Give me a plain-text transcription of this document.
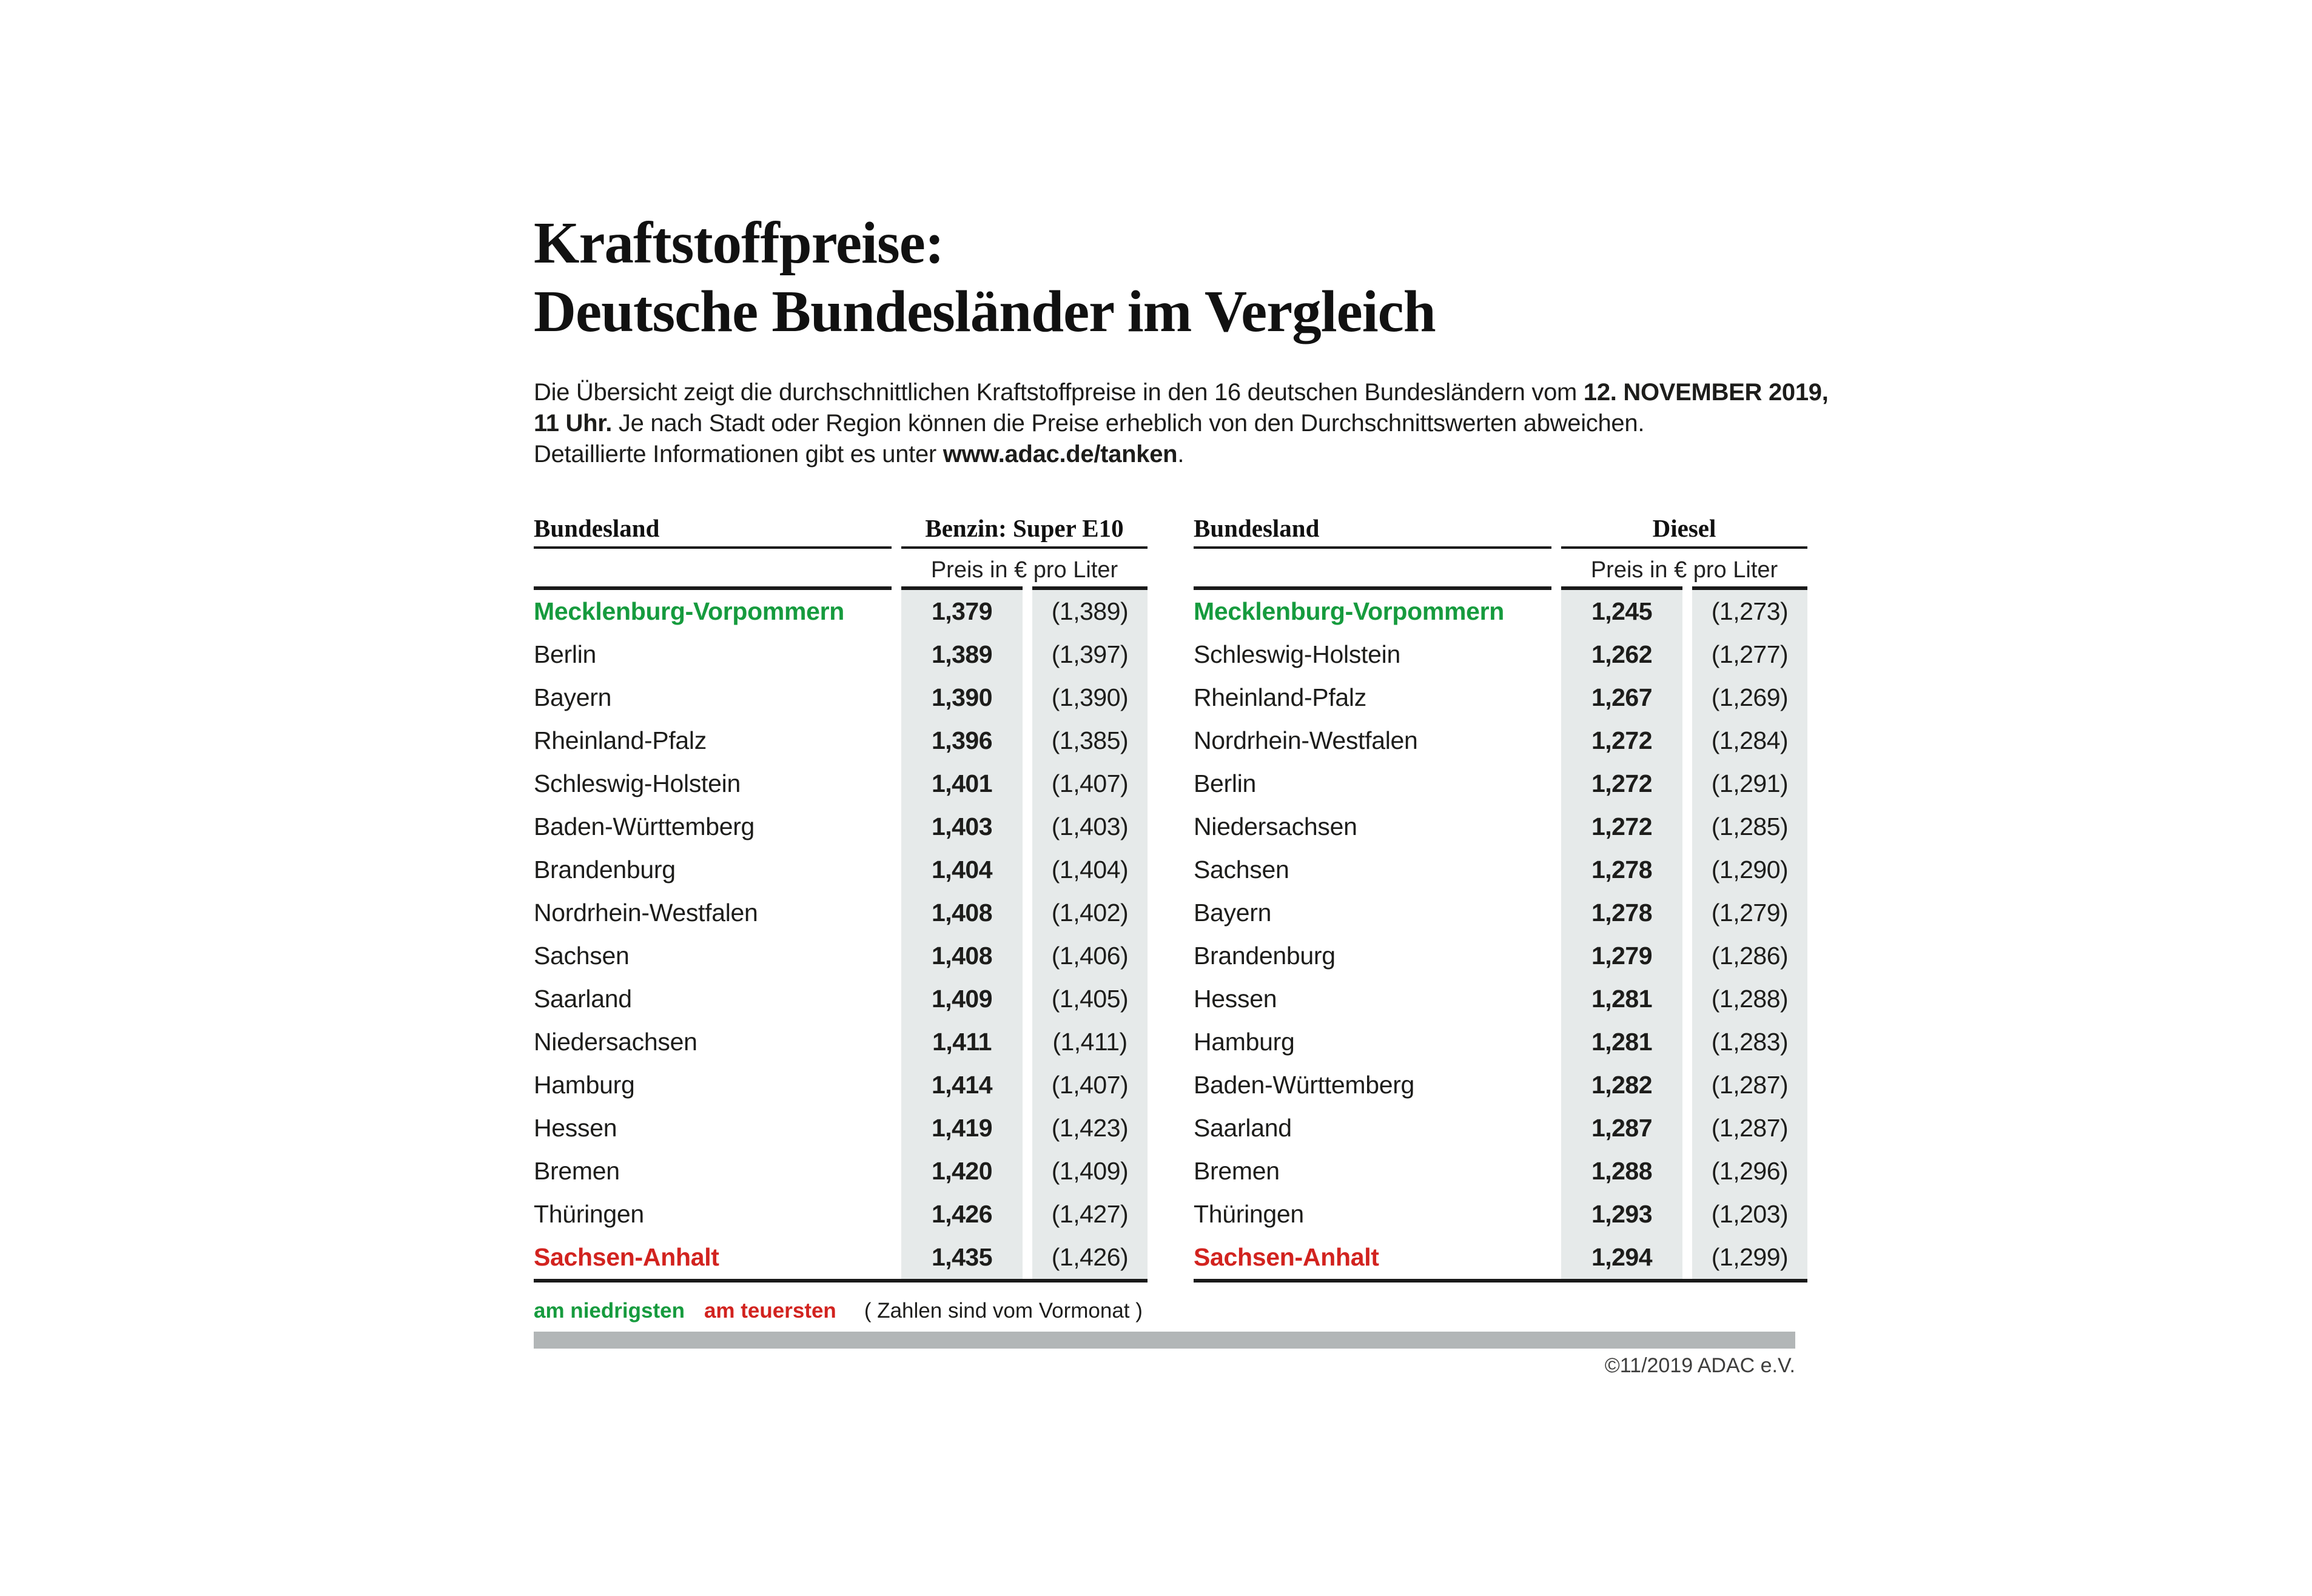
Kraftstoffpreise:
Deutsche Bundesländer im Vergleich
Die Übersicht zeigt die durchschnittlichen Kraftstoffpreise in den 16 deutschen Bundesländern vom 12. NOVEMBER 2019,
11 Uhr. Je nach Stadt oder Region können die Preise erheblich von den Durchschnittswerten abweichen.
Detaillierte Informationen gibt es unter www.adac.de/tanken.
Bundesland	Benzin: Super E10
Preis in € pro Liter
Mecklenburg-Vorpommern	1,379	(1,389)
Berlin	1,389	(1,397)
Bayern	1,390	(1,390)
Rheinland-Pfalz	1,396	(1,385)
Schleswig-Holstein	1,401	(1,407)
Baden-Württemberg	1,403	(1,403)
Brandenburg	1,404	(1,404)
Nordrhein-Westfalen	1,408	(1,402)
Sachsen	1,408	(1,406)
Saarland	1,409	(1,405)
Niedersachsen	1,411	(1,411)
Hamburg	1,414	(1,407)
Hessen	1,419	(1,423)
Bremen	1,420	(1,409)
Thüringen	1,426	(1,427)
Sachsen-Anhalt	1,435	(1,426)
Bundesland	Diesel
Preis in € pro Liter
Mecklenburg-Vorpommern	1,245	(1,273)
Schleswig-Holstein	1,262	(1,277)
Rheinland-Pfalz	1,267	(1,269)
Nordrhein-Westfalen	1,272	(1,284)
Berlin	1,272	(1,291)
Niedersachsen	1,272	(1,285)
Sachsen	1,278	(1,290)
Bayern	1,278	(1,279)
Brandenburg	1,279	(1,286)
Hessen	1,281	(1,288)
Hamburg	1,281	(1,283)
Baden-Württemberg	1,282	(1,287)
Saarland	1,287	(1,287)
Bremen	1,288	(1,296)
Thüringen	1,293	(1,203)
Sachsen-Anhalt	1,294	(1,299)
am niedrigsten am teuersten ( Zahlen sind vom Vormonat )
©11/2019 ADAC e.V.
